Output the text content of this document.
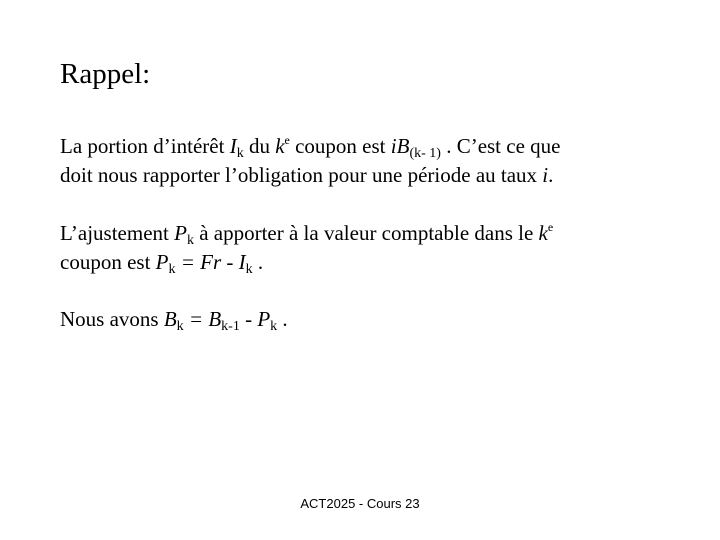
Rappel:
La portion d’intérêt $I_k$ du $k^e$ coupon est $iB_{(k- 1)}$ . C’est ce que
doit nous rapporter l’obligation pour une période au taux i.
L’ajustement $P_k$ à apporter à la valeur comptable dans le $k^e$
coupon est $P_k = Fr - I_k$ .
Nous avons $B_k = B_{k-1} - P_k$ .
ACT2025 - Cours 23
